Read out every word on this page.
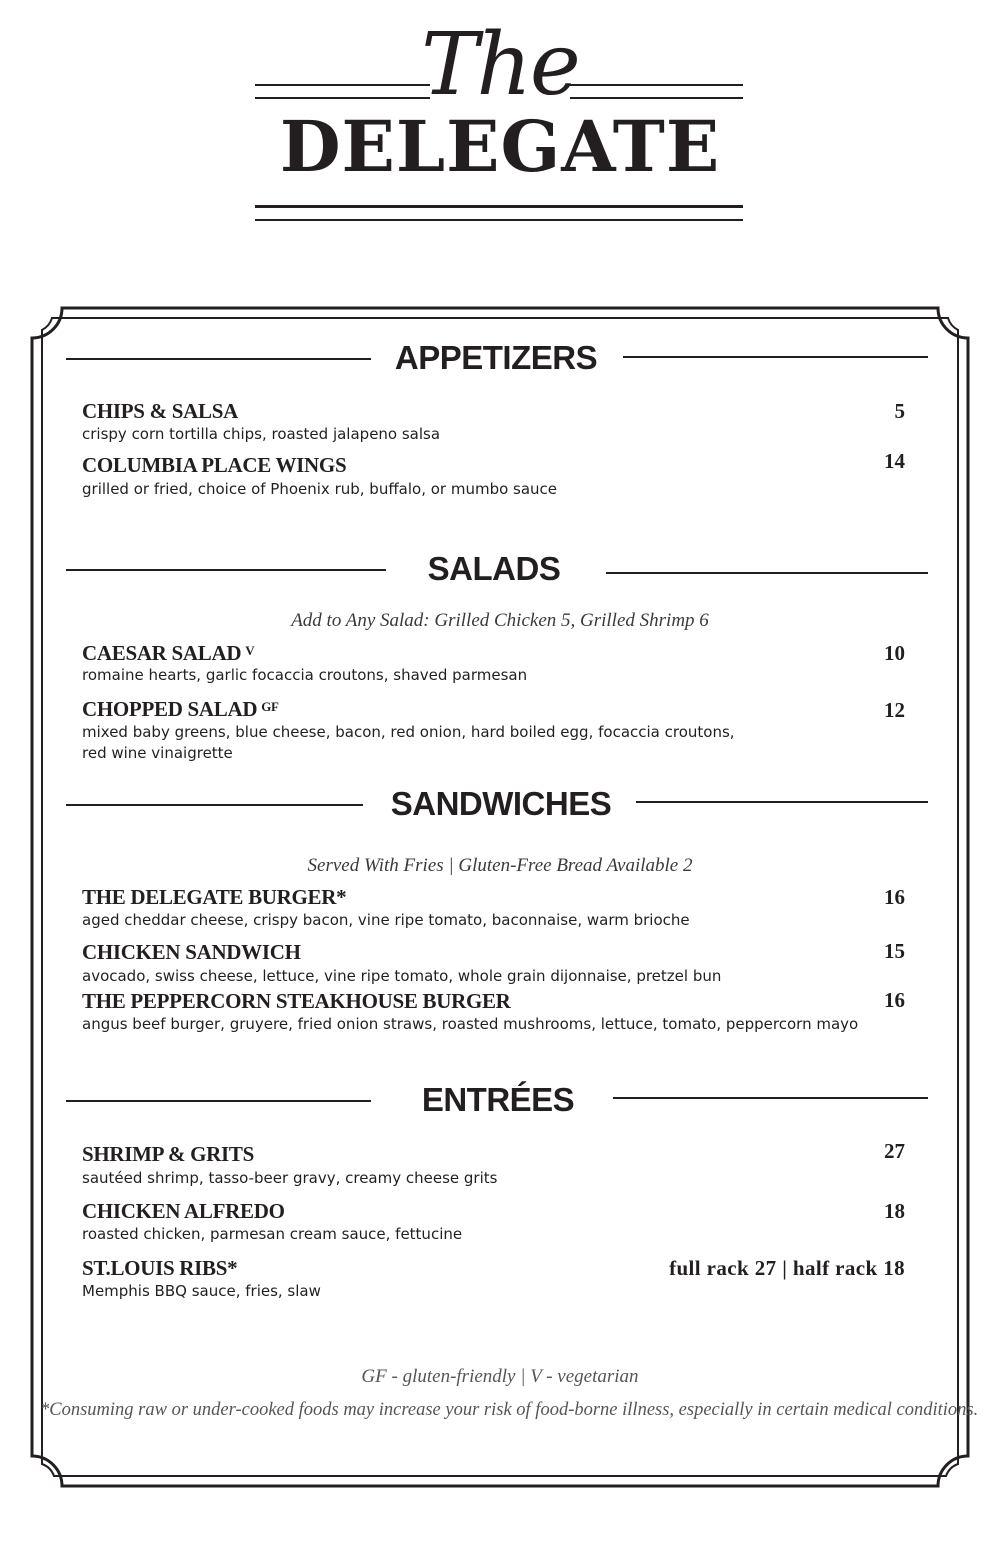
The
DELEGATE
APPETIZERS
CHIPS & SALSA	5
crispy corn tortilla chips, roasted jalapeno salsa
COLUMBIA PLACE WINGS	14
grilled or fried, choice of Phoenix rub, buffalo, or mumbo sauce
SALADS
Add to Any Salad: Grilled Chicken 5, Grilled Shrimp 6
CAESAR SALAD $^V$	10
romaine hearts, garlic focaccia croutons, shaved parmesan
CHOPPED SALAD $^{GF}$	12
mixed baby greens, blue cheese, bacon, red onion, hard boiled egg, focaccia croutons, red wine vinaigrette
SANDWICHES
Served With Fries | Gluten-Free Bread Available 2
THE DELEGATE BURGER*	16
aged cheddar cheese, crispy bacon, vine ripe tomato, baconnaise, warm brioche
CHICKEN SANDWICH	15
avocado, swiss cheese, lettuce, vine ripe tomato, whole grain dijonnaise, pretzel bun
THE PEPPERCORN STEAKHOUSE BURGER	16
angus beef burger, gruyere, fried onion straws, roasted mushrooms, lettuce, tomato, peppercorn mayo
ENTRÉES
SHRIMP & GRITS	27
sautéed shrimp, tasso-beer gravy, creamy cheese grits
CHICKEN ALFREDO	18
roasted chicken, parmesan cream sauce, fettucine
ST.LOUIS RIBS*	full rack 27 | half rack 18
Memphis BBQ sauce, fries, slaw
GF - gluten-friendly | V - vegetarian
*Consuming raw or under-cooked foods may increase your risk of food-borne illness, especially in certain medical conditions.
